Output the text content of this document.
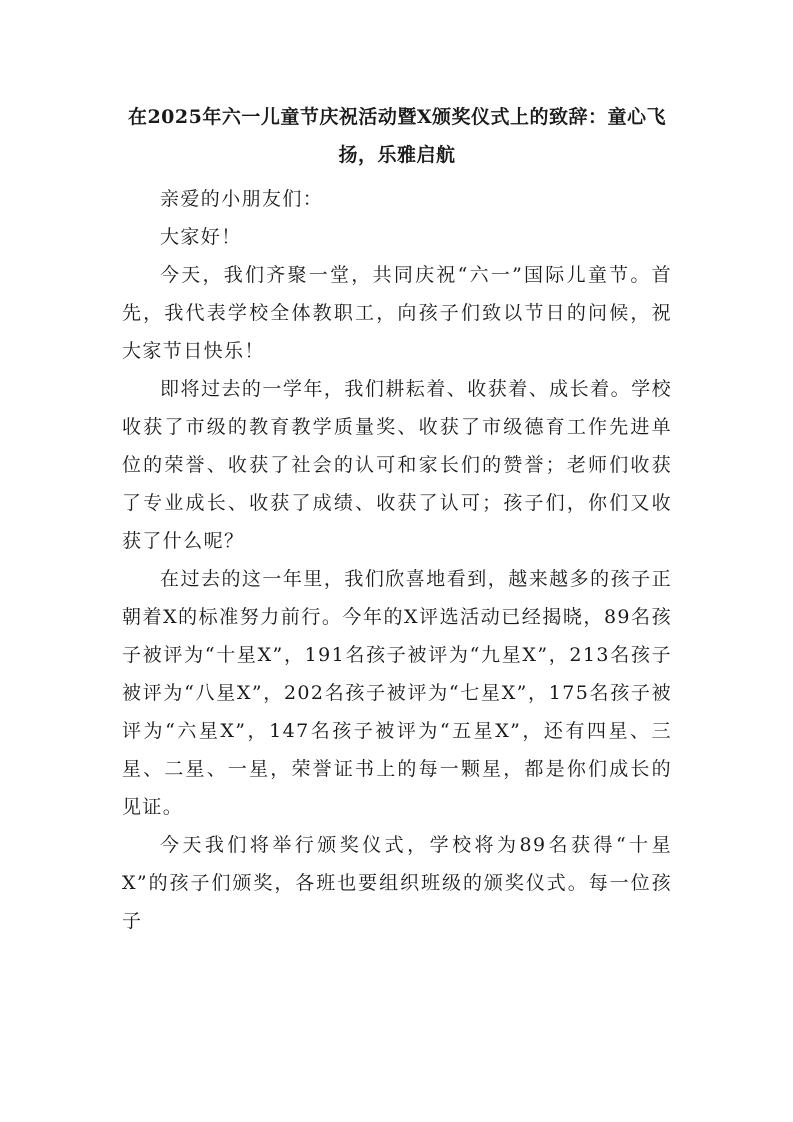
在2025年六一儿童节庆祝活动暨X颁奖仪式上的致辞：童心飞扬，乐雅启航

亲爱的小朋友们：

大家好！

今天，我们齐聚一堂，共同庆祝“六一”国际儿童节。首先，我代表学校全体教职工，向孩子们致以节日的问候，祝大家节日快乐！

即将过去的一学年，我们耕耘着、收获着、成长着。学校收获了市级的教育教学质量奖、收获了市级德育工作先进单位的荣誉、收获了社会的认可和家长们的赞誉；老师们收获了专业成长、收获了成绩、收获了认可；孩子们，你们又收获了什么呢？

在过去的这一年里，我们欣喜地看到，越来越多的孩子正朝着X的标准努力前行。今年的X评选活动已经揭晓，89名孩子被评为“十星X”，191名孩子被评为“九星X”，213名孩子被评为“八星X”，202名孩子被评为“七星X”，175名孩子被评为“六星X”，147名孩子被评为“五星X”，还有四星、三星、二星、一星，荣誉证书上的每一颗星，都是你们成长的见证。

今天我们将举行颁奖仪式，学校将为89名获得“十星X”的孩子们颁奖，各班也要组织班级的颁奖仪式。每一位孩子
